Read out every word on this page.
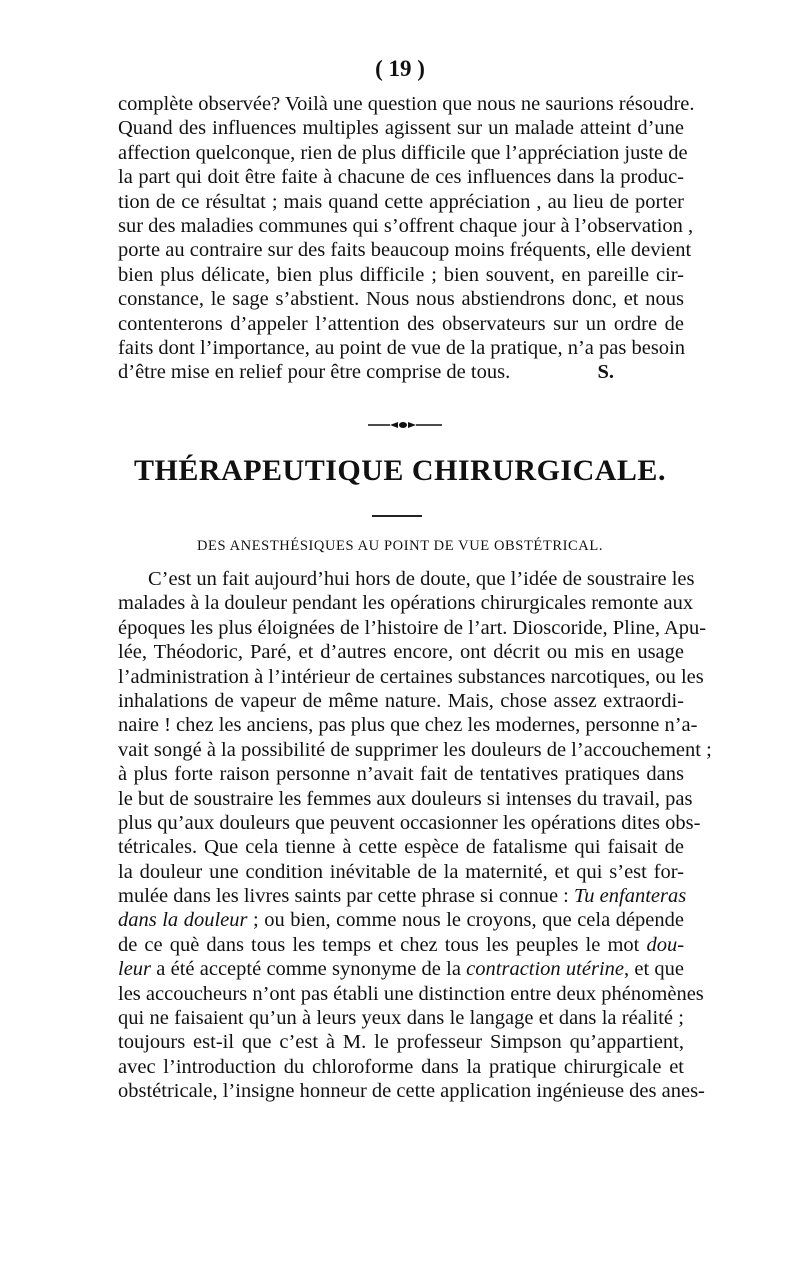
( 19 )
complète observée? Voilà une question que nous ne saurions résoudre.
Quand des influences multiples agissent sur un malade atteint d’une
affection quelconque, rien de plus difficile que l’appréciation juste de
la part qui doit être faite à chacune de ces influences dans la produc-
tion de ce résultat ; mais quand cette appréciation , au lieu de porter
sur des maladies communes qui s’offrent chaque jour à l’observation ,
porte au contraire sur des faits beaucoup moins fréquents, elle devient
bien plus délicate, bien plus difficile ; bien souvent, en pareille cir-
constance, le sage s’abstient. Nous nous abstiendrons donc, et nous
contenterons d’appeler l’attention des observateurs sur un ordre de
faits dont l’importance, au point de vue de la pratique, n’a pas besoin
d’être mise en relief pour être comprise de tous.	S.
THÉRAPEUTIQUE CHIRURGICALE.
DES ANESTHÉSIQUES AU POINT DE VUE OBSTÉTRICAL.
C’est un fait aujourd’hui hors de doute, que l’idée de soustraire les
malades à la douleur pendant les opérations chirurgicales remonte aux
époques les plus éloignées de l’histoire de l’art. Dioscoride, Pline, Apu-
lée, Théodoric, Paré, et d’autres encore, ont décrit ou mis en usage
l’administration à l’intérieur de certaines substances narcotiques, ou les
inhalations de vapeur de même nature. Mais, chose assez extraordi-
naire ! chez les anciens, pas plus que chez les modernes, personne n’a-
vait songé à la possibilité de supprimer les douleurs de l’accouchement ;
à plus forte raison personne n’avait fait de tentatives pratiques dans
le but de soustraire les femmes aux douleurs si intenses du travail, pas
plus qu’aux douleurs que peuvent occasionner les opérations dites obs-
tétricales. Que cela tienne à cette espèce de fatalisme qui faisait de
la douleur une condition inévitable de la maternité, et qui s’est for-
mulée dans les livres saints par cette phrase si connue : Tu enfanteras
dans la douleur ; ou bien, comme nous le croyons, que cela dépende
de ce què dans tous les temps et chez tous les peuples le mot dou-
leur a été accepté comme synonyme de la contraction utérine, et que
les accoucheurs n’ont pas établi une distinction entre deux phénomènes
qui ne faisaient qu’un à leurs yeux dans le langage et dans la réalité ;
toujours est-il que c’est à M. le professeur Simpson qu’appartient,
avec l’introduction du chloroforme dans la pratique chirurgicale et
obstétricale, l’insigne honneur de cette application ingénieuse des anes-
